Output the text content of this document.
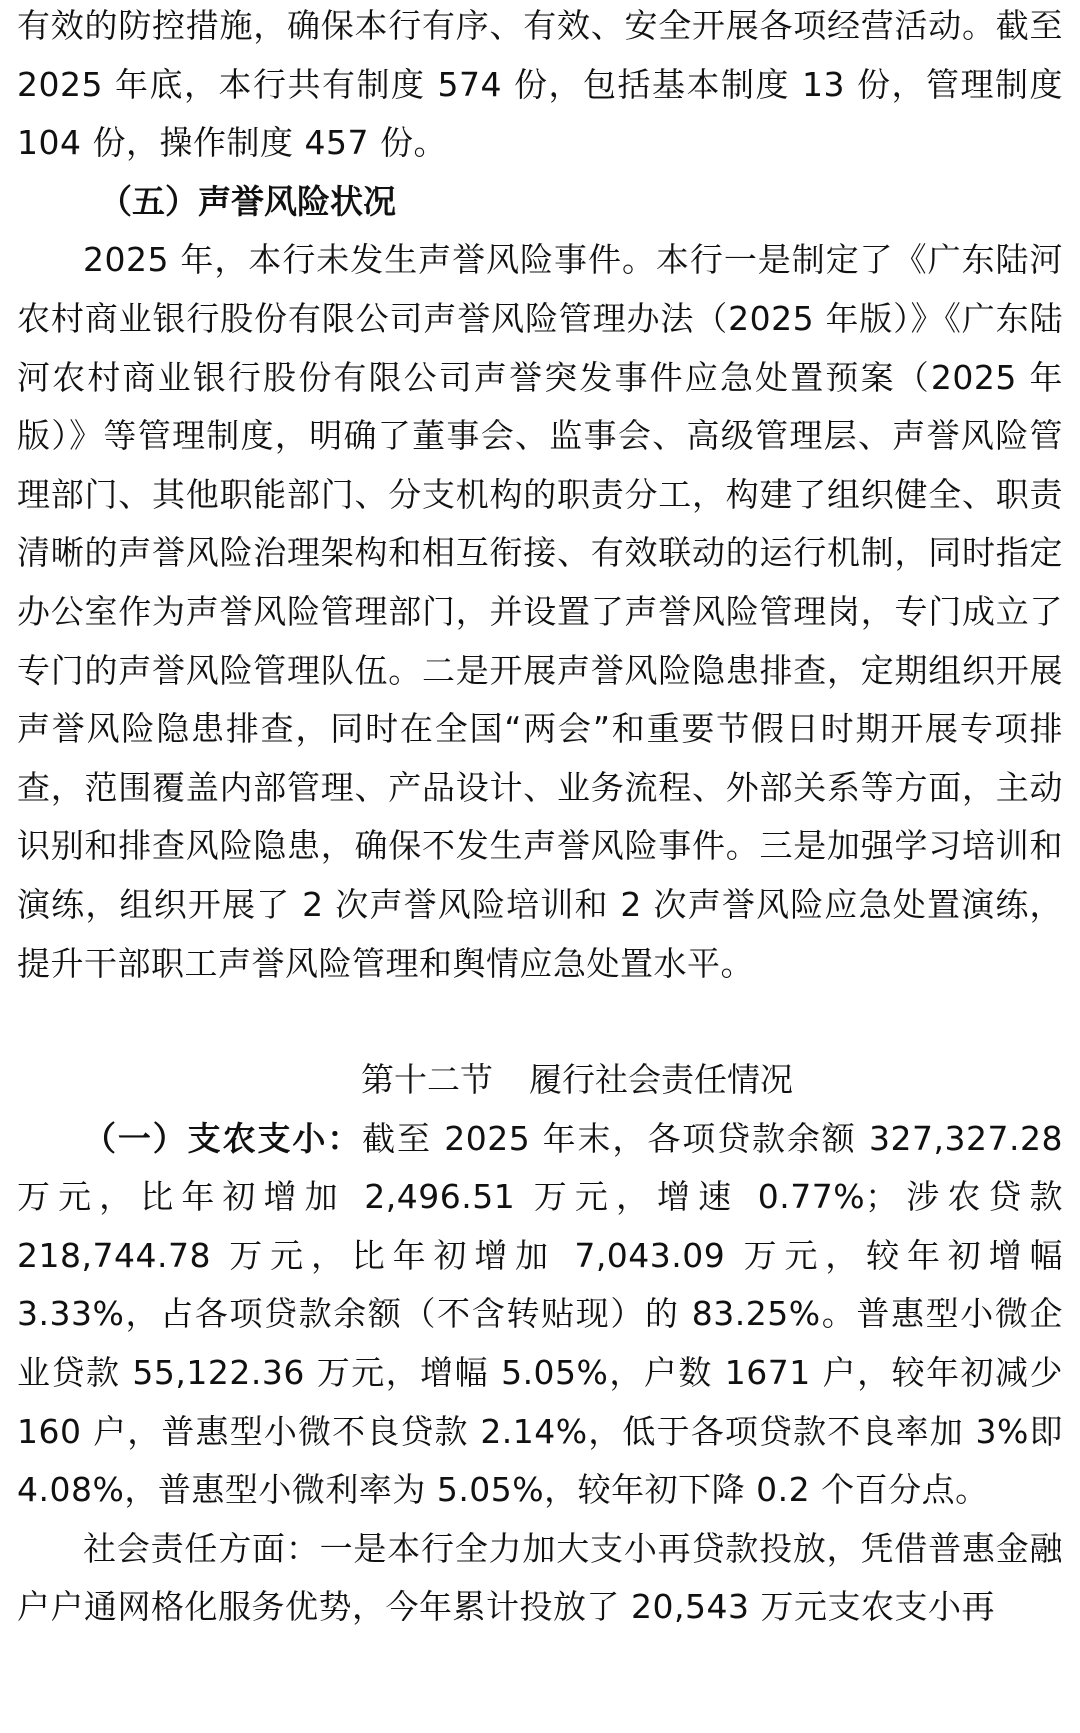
有效的防控措施，确保本行有序、有效、安全开展各项经营活动。截至 2025 年底，本行共有制度 574 份，包括基本制度 13 份，管理制度 104 份，操作制度 457 份。

（五）声誉风险状况

2025 年，本行未发生声誉风险事件。本行一是制定了《广东陆河农村商业银行股份有限公司声誉风险管理办法（2025 年版）》《广东陆河农村商业银行股份有限公司声誉突发事件应急处置预案（2025 年版）》等管理制度，明确了董事会、监事会、高级管理层、声誉风险管理部门、其他职能部门、分支机构的职责分工，构建了组织健全、职责清晰的声誉风险治理架构和相互衔接、有效联动的运行机制，同时指定办公室作为声誉风险管理部门，并设置了声誉风险管理岗，专门成立了专门的声誉风险管理队伍。二是开展声誉风险隐患排查，定期组织开展声誉风险隐患排查，同时在全国“两会”和重要节假日时期开展专项排查，范围覆盖内部管理、产品设计、业务流程、外部关系等方面，主动识别和排查风险隐患，确保不发生声誉风险事件。三是加强学习培训和演练，组织开展了 2 次声誉风险培训和 2 次声誉风险应急处置演练，提升干部职工声誉风险管理和舆情应急处置水平。

第十二节 履行社会责任情况

（一）支农支小：截至 2025 年末，各项贷款余额 327,327.28 万元，比年初增加 2,496.51 万元，增速 0.77%；涉农贷款 218,744.78 万元，比年初增加 7,043.09 万元，较年初增幅 3.33%，占各项贷款余额（不含转贴现）的 83.25%。普惠型小微企业贷款 55,122.36 万元，增幅 5.05%，户数 1671 户，较年初减少 160 户，普惠型小微不良贷款 2.14%，低于各项贷款不良率加 3%即 4.08%，普惠型小微利率为 5.05%，较年初下降 0.2 个百分点。

社会责任方面：一是本行全力加大支小再贷款投放，凭借普惠金融户户通网格化服务优势，今年累计投放了 20,543 万元支农支小再
